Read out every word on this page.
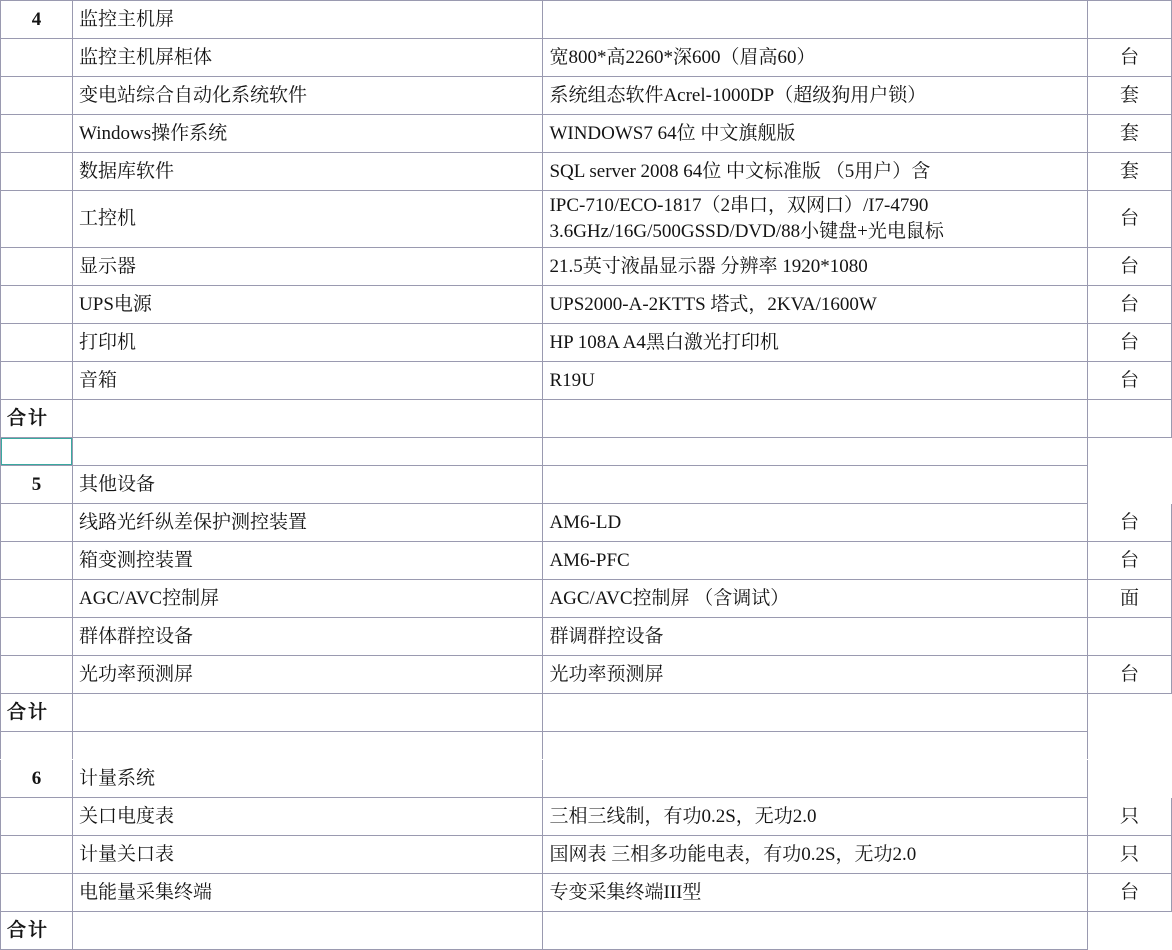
4	监控主机屏		
	监控主机屏柜体	宽800*高2260*深600（眉高60）	台
	变电站综合自动化系统软件	系统组态软件Acrel-1000DP（超级狗用户锁）	套
	Windows操作系统	WINDOWS7 64位 中文旗舰版	套
	数据库软件	SQL server 2008 64位 中文标准版 （5用户）含	套
	工控机	IPC-710/ECO-1817（2串口，双网口）/I7-4790
3.6GHz/16G/500GSSD/DVD/88小键盘+光电鼠标	台
	显示器	21.5英寸液晶显示器 分辨率 1920*1080	台
	UPS电源	UPS2000-A-2KTTS 塔式，2KVA/1600W	台
	打印机	HP 108A A4黑白激光打印机	台
	音箱	R19U	台
合计			

5	其他设备		
	线路光纤纵差保护测控装置	AM6-LD	台
	箱变测控装置	AM6-PFC	台
	AGC/AVC控制屏	AGC/AVC控制屏 （含调试）	面
	群体群控设备	群调群控设备	
	光功率预测屏	光功率预测屏	台
合计			

6	计量系统		
	关口电度表	三相三线制，有功0.2S，无功2.0	只
	计量关口表	国网表 三相多功能电表，有功0.2S，无功2.0	只
	电能量采集终端	专变采集终端III型	台
合计			
